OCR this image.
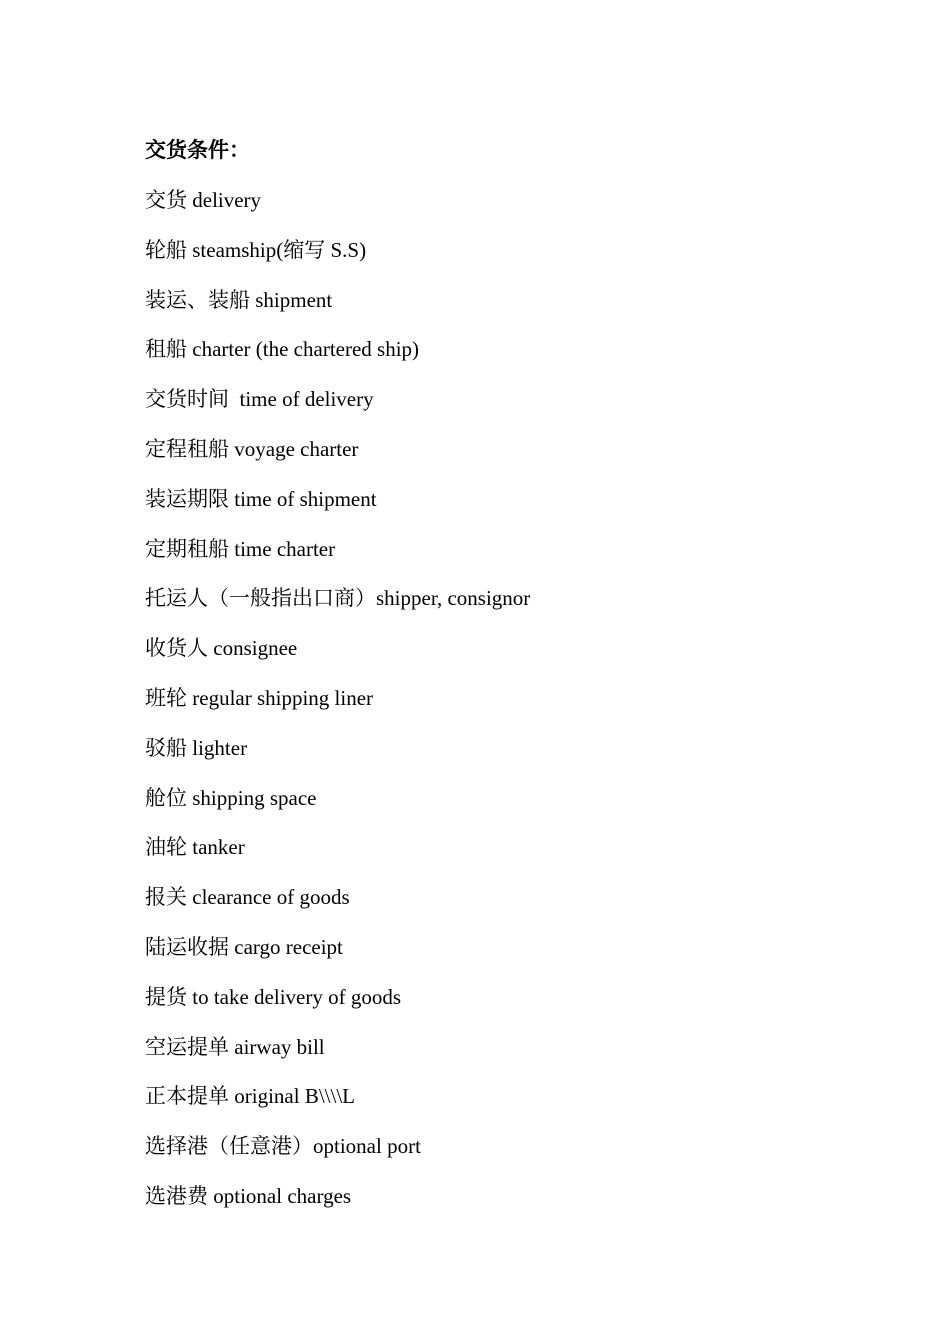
交货条件：
交货 delivery
轮船 steamship(缩写 S.S)
装运、装船 shipment
租船 charter (the chartered ship)
交货时间  time of delivery
定程租船 voyage charter
装运期限 time of shipment
定期租船 time charter
托运人（一般指出口商）shipper, consignor
收货人 consignee
班轮 regular shipping liner
驳船 lighter
舱位 shipping space
油轮 tanker
报关 clearance of goods
陆运收据 cargo receipt
提货 to take delivery of goods
空运提单 airway bill
正本提单 original B\\\\L
选择港（任意港）optional port
选港费 optional charges
